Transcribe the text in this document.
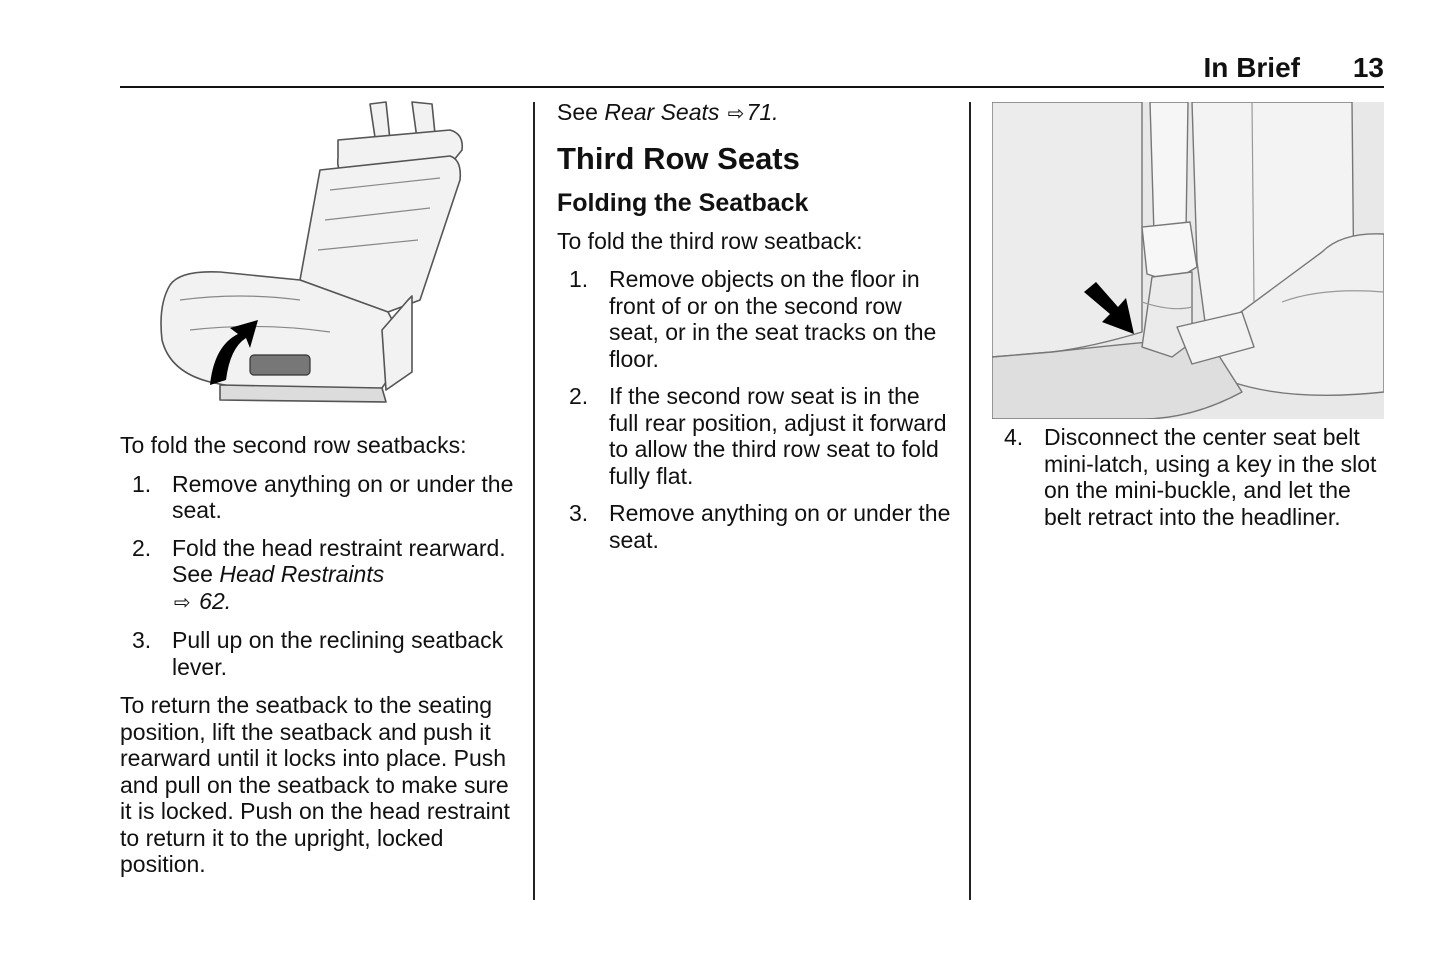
In Brief 13

To fold the second row seatbacks:

1. Remove anything on or under the seat.
2. Fold the head restraint rearward. See Head Restraints
⇨ 62.
3. Pull up on the reclining seatback lever.

To return the seatback to the seating position, lift the seatback and push it rearward until it locks into place. Push and pull on the seatback to make sure it is locked. Push on the head restraint to return it to the upright, locked position.

See Rear Seats ⇨71.

Third Row Seats
Folding the Seatback

To fold the third row seatback:

1. Remove objects on the floor in front of or on the second row seat, or in the seat tracks on the floor.
2. If the second row seat is in the full rear position, adjust it forward to allow the third row seat to fold fully flat.
3. Remove anything on or under the seat.
4. Disconnect the center seat belt mini-latch, using a key in the slot on the mini-buckle, and let the belt retract into the headliner.
